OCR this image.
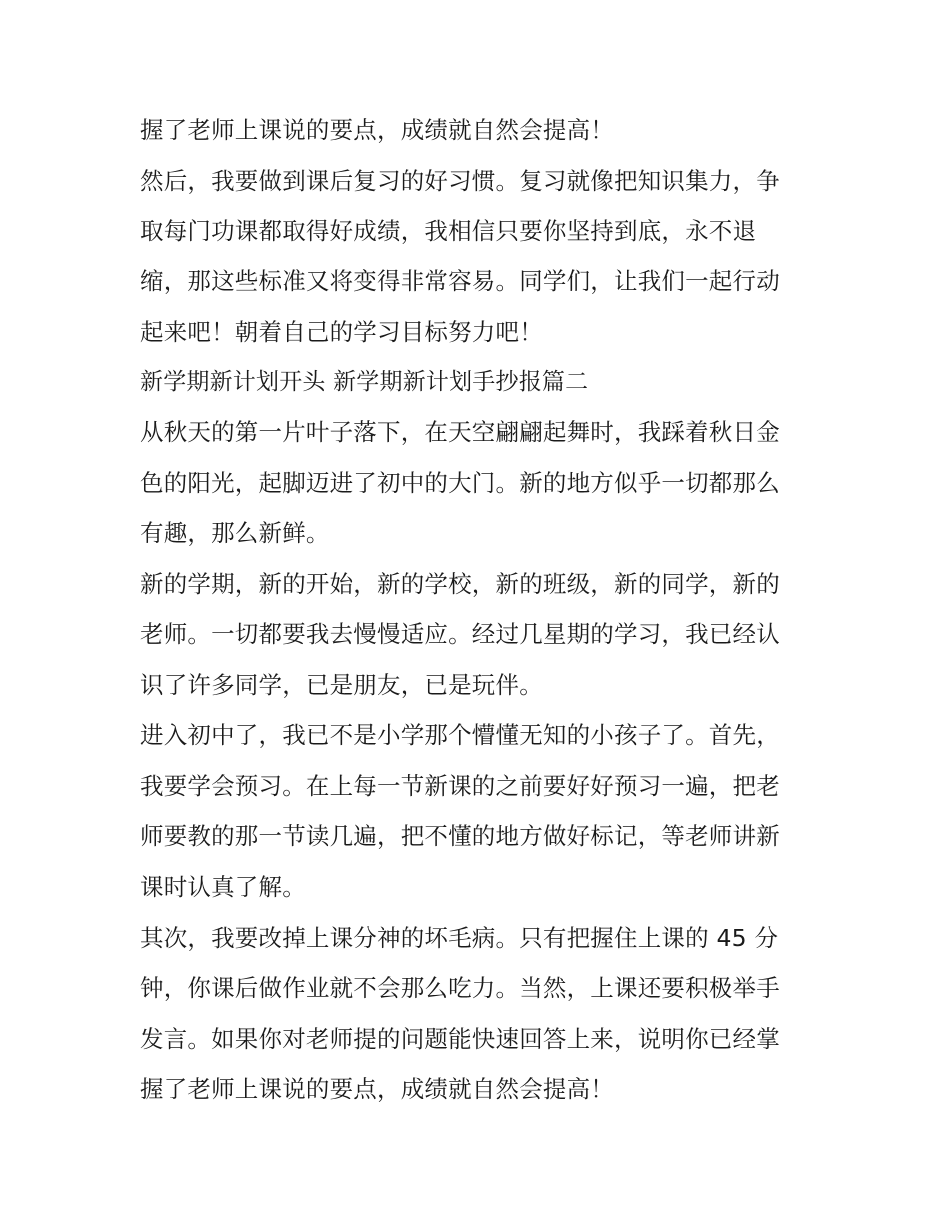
握了老师上课说的要点，成绩就自然会提高！
然后，我要做到课后复习的好习惯。复习就像把知识集力，争
取每门功课都取得好成绩，我相信只要你坚持到底，永不退
缩，那这些标准又将变得非常容易。同学们，让我们一起行动
起来吧！朝着自己的学习目标努力吧！
新学期新计划开头 新学期新计划手抄报篇二
从秋天的第一片叶子落下，在天空翩翩起舞时，我踩着秋日金
色的阳光，起脚迈进了初中的大门。新的地方似乎一切都那么
有趣，那么新鲜。
新的学期，新的开始，新的学校，新的班级，新的同学，新的
老师。一切都要我去慢慢适应。经过几星期的学习，我已经认
识了许多同学，已是朋友，已是玩伴。
进入初中了，我已不是小学那个懵懂无知的小孩子了。首先，
我要学会预习。在上每一节新课的之前要好好预习一遍，把老
师要教的那一节读几遍，把不懂的地方做好标记，等老师讲新
课时认真了解。
其次，我要改掉上课分神的坏毛病。只有把握住上课的 45 分
钟，你课后做作业就不会那么吃力。当然，上课还要积极举手
发言。如果你对老师提的问题能快速回答上来，说明你已经掌
握了老师上课说的要点，成绩就自然会提高！
